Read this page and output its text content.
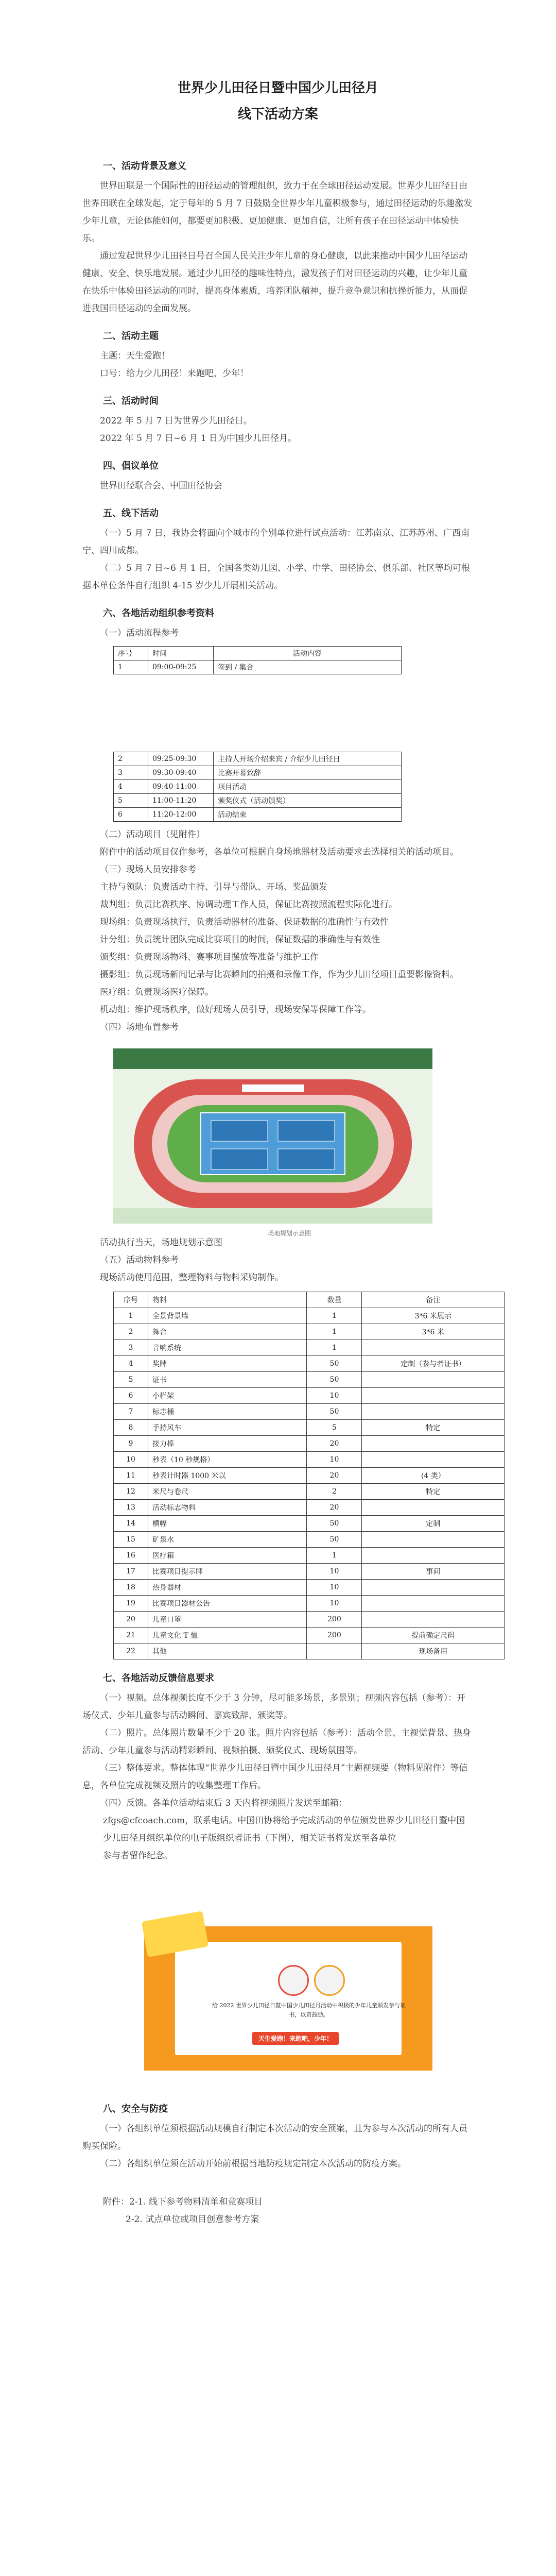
世界少儿田径日暨中国少儿田径月
线下活动方案
一、活动背景及意义

世界田联是一个国际性的田径运动的管理组织，致力于在全球田径运动发展。世界少儿田径日由世界田联在全球发起，定于每年的 5 月 7 日鼓励全世界少年儿童积极参与，通过田径运动的乐趣激发少年儿童，无论体能如何，都要更加积极、更加健康、更加自信，让所有孩子在田径运动中体验快乐。

通过发起世界少儿田径日号召全国人民关注少年儿童的身心健康，以此来推动中国少儿田径运动健康、安全、快乐地发展。通过少儿田径的趣味性特点，激发孩子们对田径运动的兴趣，让少年儿童在快乐中体验田径运动的同时，提高身体素质，培养团队精神，提升竞争意识和抗挫折能力，从而促进我国田径运动的全面发展。

二、活动主题

主题：天生爱跑！

口号：给力少儿田径！来跑吧，少年！

三、活动时间

2022 年 5 月 7 日为世界少儿田径日。

2022 年 5 月 7 日~6 月 1 日为中国少儿田径月。

四、倡议单位

世界田径联合会、中国田径协会

五、线下活动

（一）5 月 7 日，我协会将面向个城市的个别单位进行试点活动：江苏南京、江苏苏州、广西南宁、四川成都。

（二）5 月 7 日~6 月 1 日，全国各类幼儿园、小学、中学、田径协会、俱乐部、社区等均可根据本单位条件自行组织 4-15 岁少儿开展相关活动。

六、各地活动组织参考资料

（一）活动流程参考

序号	时间	活动内容
1	09:00-09:25	签到 / 集合
2	09:25-09:30	主持人开场介绍来宾 / 介绍少儿田径日
3	09:30-09:40	比赛开幕致辞
4	09:40-11:00	项目活动
5	11:00-11:20	颁奖仪式（活动颁奖）
6	11:20-12:00	活动结束

（二）活动项目（见附件）

附件中的活动项目仅作参考，各单位可根据自身场地器材及活动要求去选择相关的活动项目。

（三）现场人员安排参考

主持与领队：负责活动主持、引导与带队、开场、奖品颁发

裁判组：负责比赛秩序、协调助理工作人员，保证比赛按照流程实际化进行。

现场组：负责现场执行，负责活动器材的准备、保证数据的准确性与有效性

计分组：负责统计团队完成比赛项目的时间，保证数据的准确性与有效性

颁奖组：负责现场物料、赛事项目摆放等准备与维护工作

摄影组：负责现场新闻记录与比赛瞬间的拍摄和录像工作，作为少儿田径项目重要影像资料。

医疗组：负责现场医疗保障。

机动组：维护现场秩序，做好现场人员引导，现场安保等保障工作等。

（四）场地布置参考

场地规划示意图

活动执行当天，场地规划示意图

（五）活动物料参考

现场活动使用范围，整理物料与物料采购制作。

序号	物料	数量	备注
1	全景背景墙	1	3*6 米展示
2	舞台	1	3*6 米
3	音响系统	1	
4	奖牌	50	定制（参与者证书）
5	证书	50	
6	小栏架	10	
7	标志桶	50	
8	手持风车	5	特定
9	接力棒	20	
10	秒表（10 秒规格）	10	
11	秒表计时器 1000 米以	20	(4 类）
12	米尺与卷尺	2	特定
13	活动标志物料	20	
14	横幅	50	定制
15	矿泉水	50	
16	医疗箱	1	
17	比赛项目提示牌	10	事间
18	热身器材	10	
19	比赛项目器材公告	10	
20	儿童口罩	200	
21	儿童文化 T 恤	200	提前确定尺码
22	其他		现场备用
七、各地活动反馈信息要求

（一）视频。总体视频长度不少于 3 分钟，尽可能多场景，多景别；视频内容包括（参考）：开场仪式、少年儿童参与活动瞬间、嘉宾致辞、颁奖等。

（二）照片。总体照片数量不少于 20 张。照片内容包括（参考）：活动全景、主视觉背景、热身活动、少年儿童参与活动精彩瞬间、视频拍摄、颁奖仪式、现场氛围等。

（三）整体要求。整体体现“世界少儿田径日暨中国少儿田径月”主题视频要（物料见附件）等信息，各单位完成视频及照片的收集整理工作后。

（四）反馈。各单位活动结束后 3 天内将视频照片发送至邮箱：

zfgs@cfcoach.com，联系电话。中国田协将给予完成活动的单位颁发世界少儿田径日暨中国少儿田径月组织单位的电子版组织者证书（下图），相关证书将发送至各单位

参与者留作纪念。

给 2022 世界少儿田径日暨中国少儿田径月活动中积极的少年儿童颁发参与证书，以资鼓励。
天生爱跑！来跑吧，少年！
八、安全与防疫

（一）各组织单位须根据活动规模自行制定本次活动的安全预案，且为参与本次活动的所有人员购买保险。

（二）各组织单位须在活动开始前根据当地防疫规定制定本次活动的防疫方案。

附件：2-1. 线下参考物料清单和竞赛项目

2-2. 试点单位或项目创意参考方案
